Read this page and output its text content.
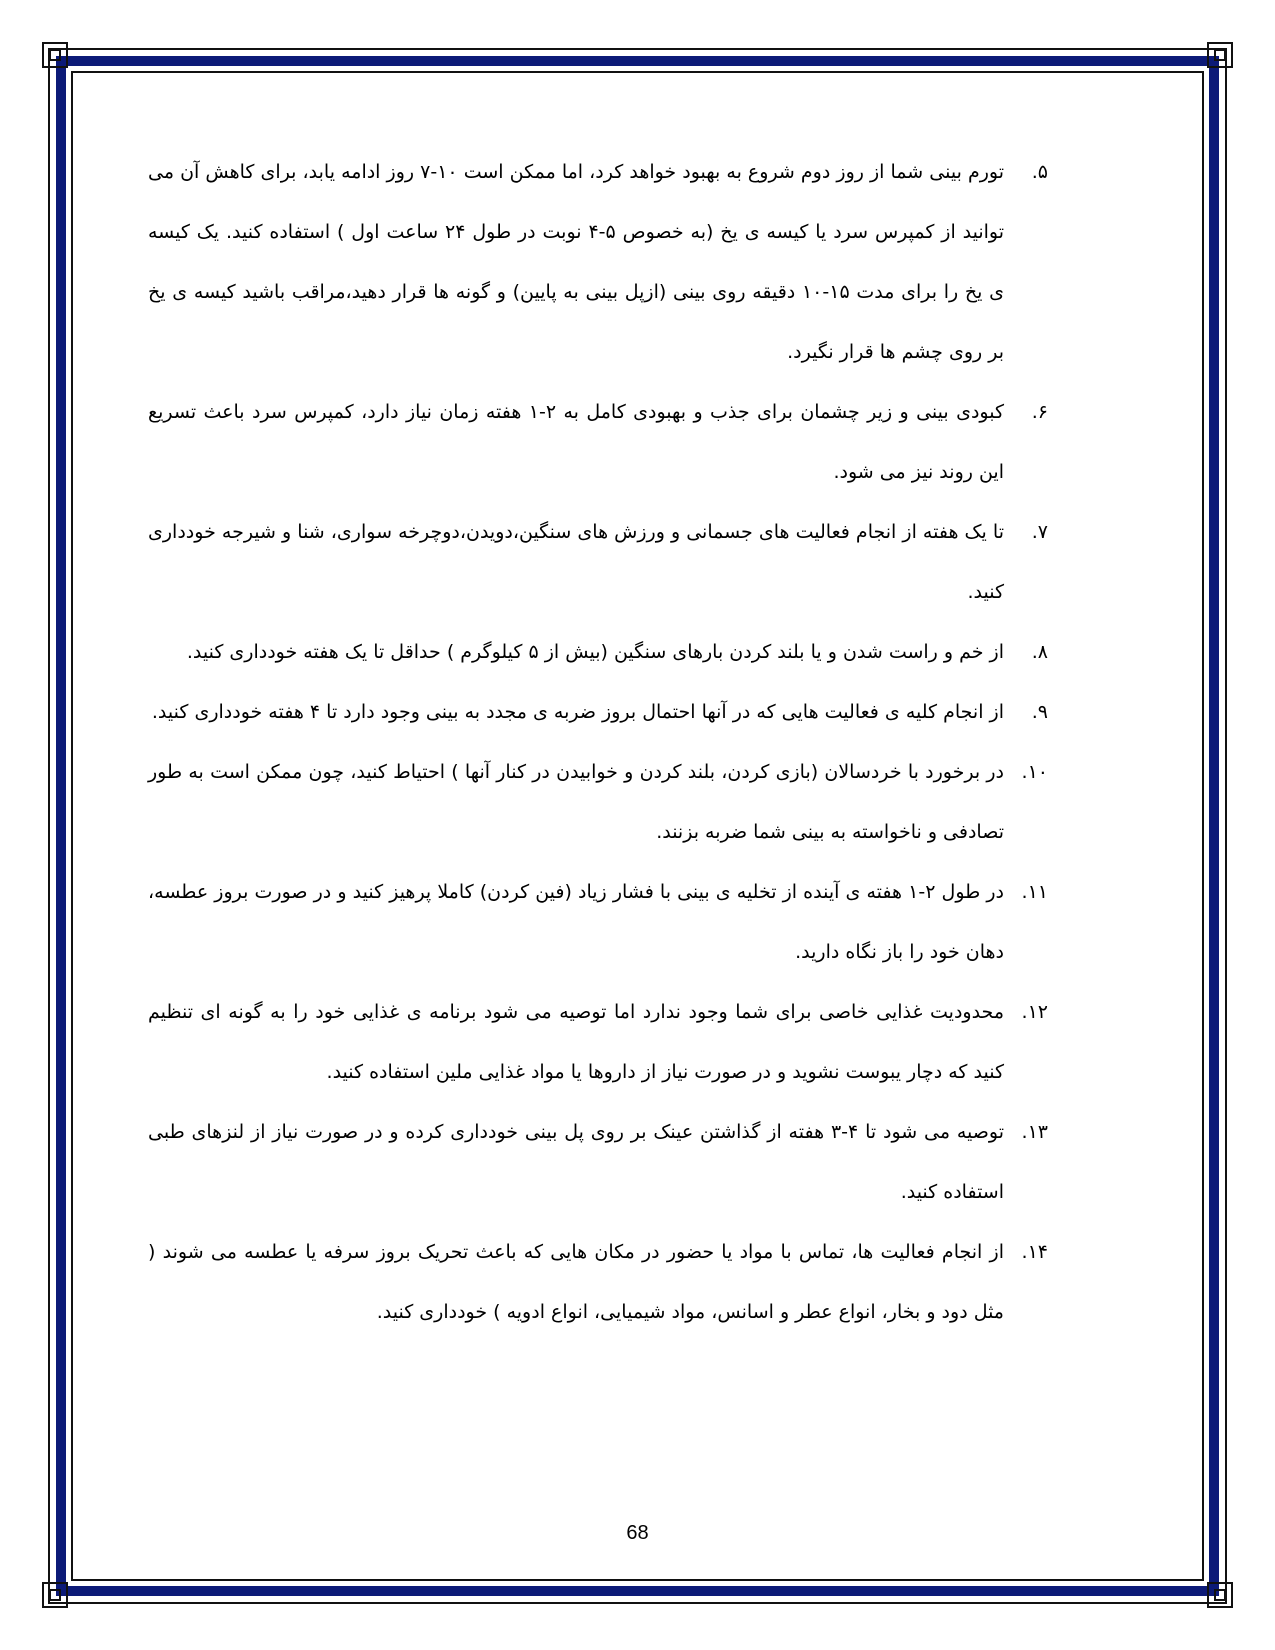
۵.
تورم بینی شما از روز دوم شروع به بهبود خواهد کرد، اما ممکن است ۱۰-۷ روز ادامه یابد، برای کاهش آن می توانید از کمپرس سرد یا کیسه ی یخ (به خصوص ۵-۴ نوبت در طول ۲۴ ساعت اول ) استفاده کنید. یک کیسه ی یخ را برای مدت ۱۵-۱۰ دقیقه روی بینی (ازپل بینی به پایین) و گونه ها قرار دهید،مراقب باشید کیسه ی یخ بر روی چشم ها قرار نگیرد.
۶.
کبودی بینی و زیر چشمان برای جذب و بهبودی کامل به ۲-۱ هفته زمان نیاز دارد، کمپرس سرد باعث تسریع این روند نیز می شود.
۷.
تا یک هفته از انجام فعالیت های جسمانی و ورزش های سنگین،دویدن،دوچرخه سواری، شنا و شیرجه خودداری کنید.
۸.
از خم و راست شدن و یا بلند کردن بارهای سنگین (بیش از ۵ کیلوگرم ) حداقل تا یک هفته خودداری کنید.
۹.
از انجام کلیه ی فعالیت هایی که در آنها احتمال بروز ضربه ی مجدد به بینی وجود دارد تا ۴ هفته خودداری کنید.
۱۰.
در برخورد با خردسالان (بازی کردن، بلند کردن و خوابیدن در کنار آنها ) احتیاط کنید، چون ممکن است به طور تصادفی و ناخواسته به بینی شما ضربه بزنند.
۱۱.
در طول ۲-۱ هفته ی آینده از تخلیه ی بینی با فشار زیاد (فین کردن) کاملا پرهیز کنید و در صورت بروز عطسه، دهان خود را باز نگاه دارید.
۱۲.
محدودیت غذایی خاصی برای شما وجود ندارد اما توصیه می شود برنامه ی غذایی خود را به گونه ای تنظیم کنید که دچار یبوست نشوید و در صورت نیاز از داروها یا مواد غذایی ملین استفاده کنید.
۱۳.
توصیه می شود تا ۴-۳ هفته از گذاشتن عینک بر روی پل بینی خودداری کرده و در صورت نیاز از لنزهای طبی استفاده کنید.
۱۴.
از انجام فعالیت ها، تماس با مواد یا حضور در مکان هایی که باعث تحریک بروز سرفه یا عطسه می شوند ( مثل دود و بخار، انواع عطر و اسانس، مواد شیمیایی، انواع ادویه ) خودداری کنید.
68
